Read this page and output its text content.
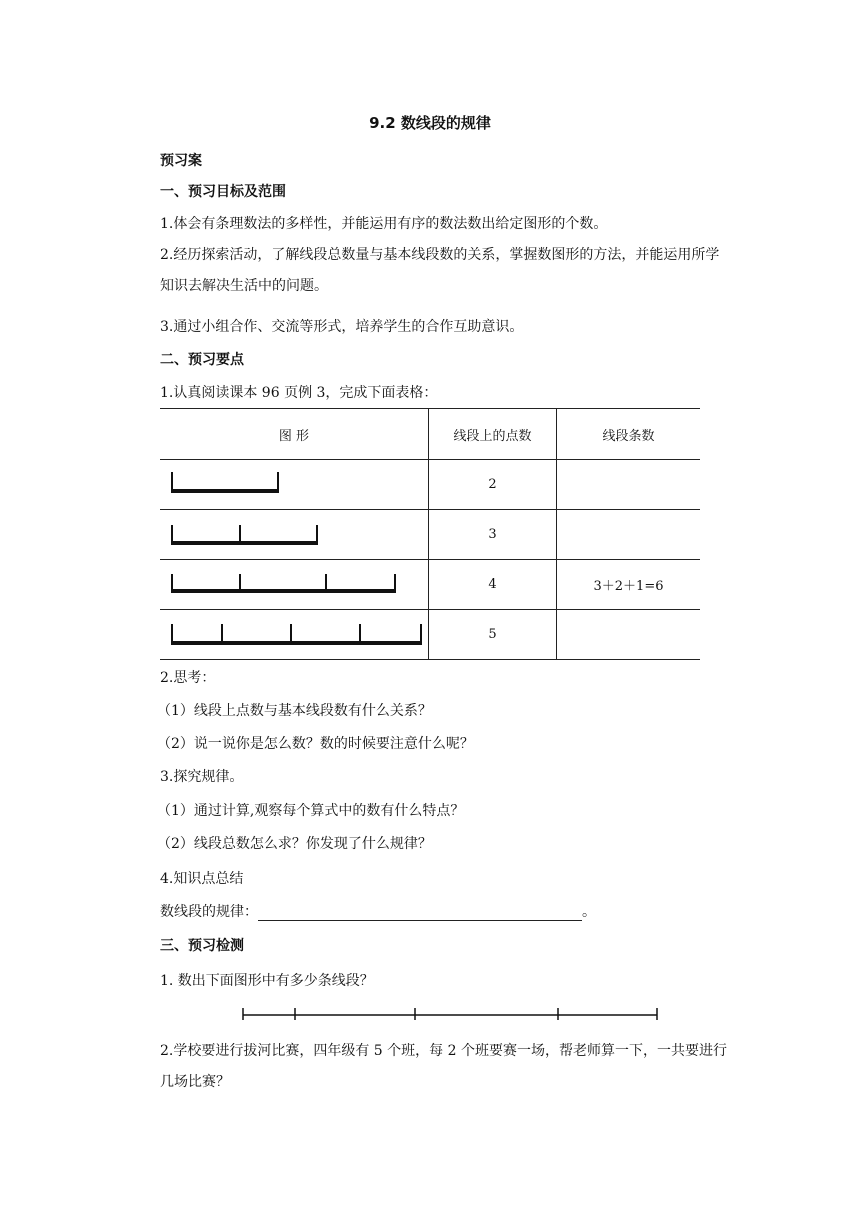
9.2 数线段的规律
预习案
一、预习目标及范围
1.体会有条理数法的多样性，并能运用有序的数法数出给定图形的个数。
2.经历探索活动，了解线段总数量与基本线段数的关系，掌握数图形的方法，并能运用所学知识去解决生活中的问题。
3.通过小组合作、交流等形式，培养学生的合作互助意识。
二、预习要点
1.认真阅读课本 96 页例 3，完成下面表格：
图 形	线段上的点数	线段条数

	2	

	3	

	4	3＋2＋1=6

	5	
2.思考：
（1）线段上点数与基本线段数有什么关系？
（2）说一说你是怎么数？数的时候要注意什么呢？
3.探究规律。
（1）通过计算,观察每个算式中的数有什么特点？
（2）线段总数怎么求？你发现了什么规律？
4.知识点总结
数线段的规律：	。
三、预习检测
1. 数出下面图形中有多少条线段？
2.学校要进行拔河比赛，四年级有 5 个班，每 2 个班要赛一场，帮老师算一下，一共要进行几场比赛？
